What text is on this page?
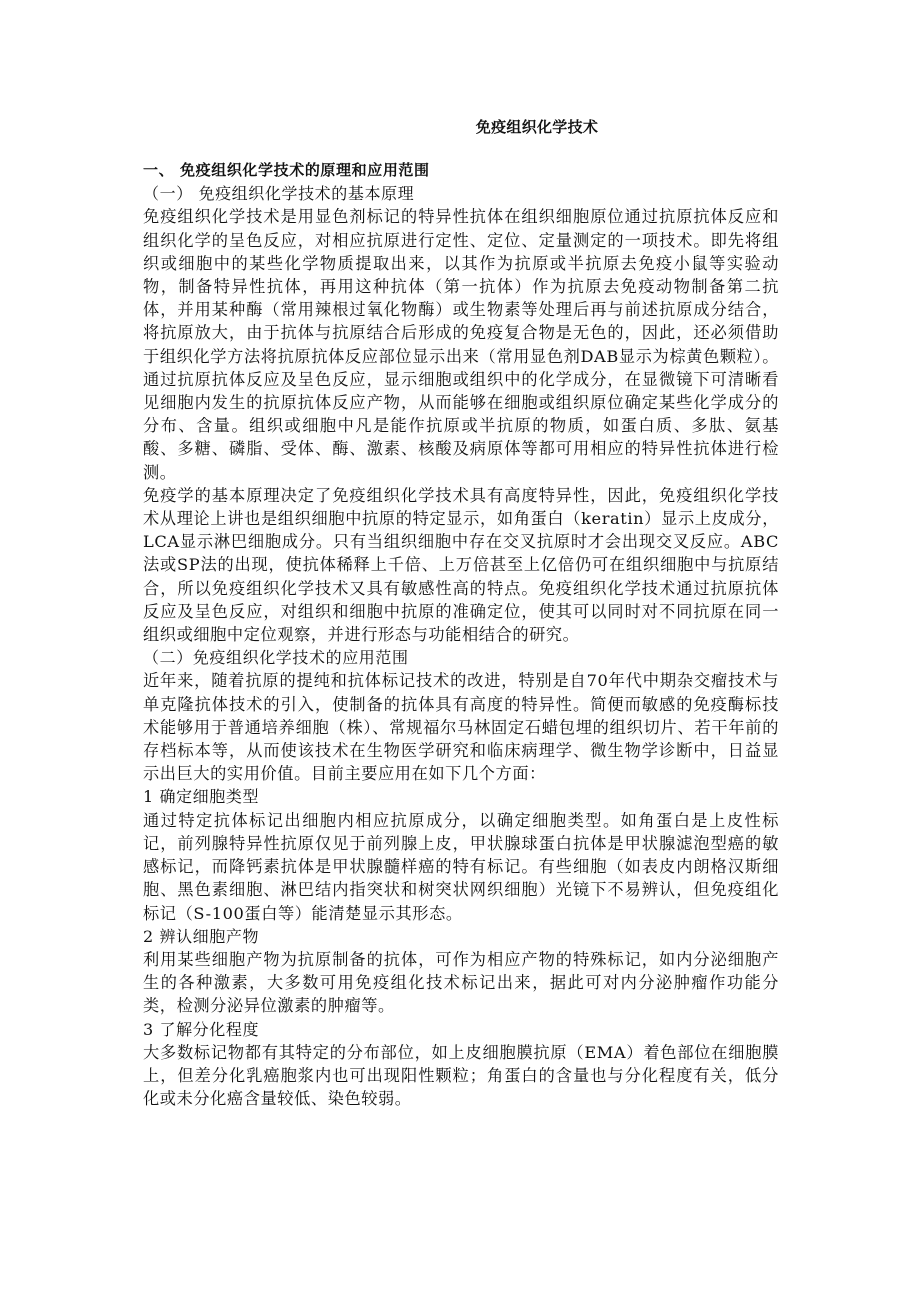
免疫组织化学技术

一、 免疫组织化学技术的原理和应用范围

（一） 免疫组织化学技术的基本原理

免疫组织化学技术是用显色剂标记的特异性抗体在组织细胞原位通过抗原抗体反应和组织化学的呈色反应，对相应抗原进行定性、定位、定量测定的一项技术。即先将组织或细胞中的某些化学物质提取出来，以其作为抗原或半抗原去免疫小鼠等实验动物，制备特异性抗体，再用这种抗体（第一抗体）作为抗原去免疫动物制备第二抗体，并用某种酶（常用辣根过氧化物酶）或生物素等处理后再与前述抗原成分结合，将抗原放大，由于抗体与抗原结合后形成的免疫复合物是无色的，因此，还必须借助于组织化学方法将抗原抗体反应部位显示出来（常用显色剂DAB显示为棕黄色颗粒）。通过抗原抗体反应及呈色反应，显示细胞或组织中的化学成分，在显微镜下可清晰看见细胞内发生的抗原抗体反应产物，从而能够在细胞或组织原位确定某些化学成分的分布、含量。组织或细胞中凡是能作抗原或半抗原的物质，如蛋白质、多肽、氨基酸、多糖、磷脂、受体、酶、激素、核酸及病原体等都可用相应的特异性抗体进行检测。

免疫学的基本原理决定了免疫组织化学技术具有高度特异性，因此，免疫组织化学技术从理论上讲也是组织细胞中抗原的特定显示，如角蛋白（keratin）显示上皮成分，LCA显示淋巴细胞成分。只有当组织细胞中存在交叉抗原时才会出现交叉反应。ABC法或SP法的出现，使抗体稀释上千倍、上万倍甚至上亿倍仍可在组织细胞中与抗原结合，所以免疫组织化学技术又具有敏感性高的特点。免疫组织化学技术通过抗原抗体反应及呈色反应，对组织和细胞中抗原的准确定位，使其可以同时对不同抗原在同一组织或细胞中定位观察，并进行形态与功能相结合的研究。

（二）免疫组织化学技术的应用范围

近年来，随着抗原的提纯和抗体标记技术的改进，特别是自70年代中期杂交瘤技术与单克隆抗体技术的引入，使制备的抗体具有高度的特异性。简便而敏感的免疫酶标技术能够用于普通培养细胞（株）、常规福尔马林固定石蜡包埋的组织切片、若干年前的存档标本等，从而使该技术在生物医学研究和临床病理学、微生物学诊断中，日益显示出巨大的实用价值。目前主要应用在如下几个方面：

1 确定细胞类型

通过特定抗体标记出细胞内相应抗原成分，以确定细胞类型。如角蛋白是上皮性标记，前列腺特异性抗原仅见于前列腺上皮，甲状腺球蛋白抗体是甲状腺滤泡型癌的敏感标记，而降钙素抗体是甲状腺髓样癌的特有标记。有些细胞（如表皮内朗格汉斯细胞、黑色素细胞、淋巴结内指突状和树突状网织细胞）光镜下不易辨认，但免疫组化标记（S-100蛋白等）能清楚显示其形态。

2 辨认细胞产物

利用某些细胞产物为抗原制备的抗体，可作为相应产物的特殊标记，如内分泌细胞产生的各种激素，大多数可用免疫组化技术标记出来，据此可对内分泌肿瘤作功能分类，检测分泌异位激素的肿瘤等。

3 了解分化程度

大多数标记物都有其特定的分布部位，如上皮细胞膜抗原（EMA）着色部位在细胞膜上，但差分化乳癌胞浆内也可出现阳性颗粒；角蛋白的含量也与分化程度有关，低分化或未分化癌含量较低、染色较弱。
